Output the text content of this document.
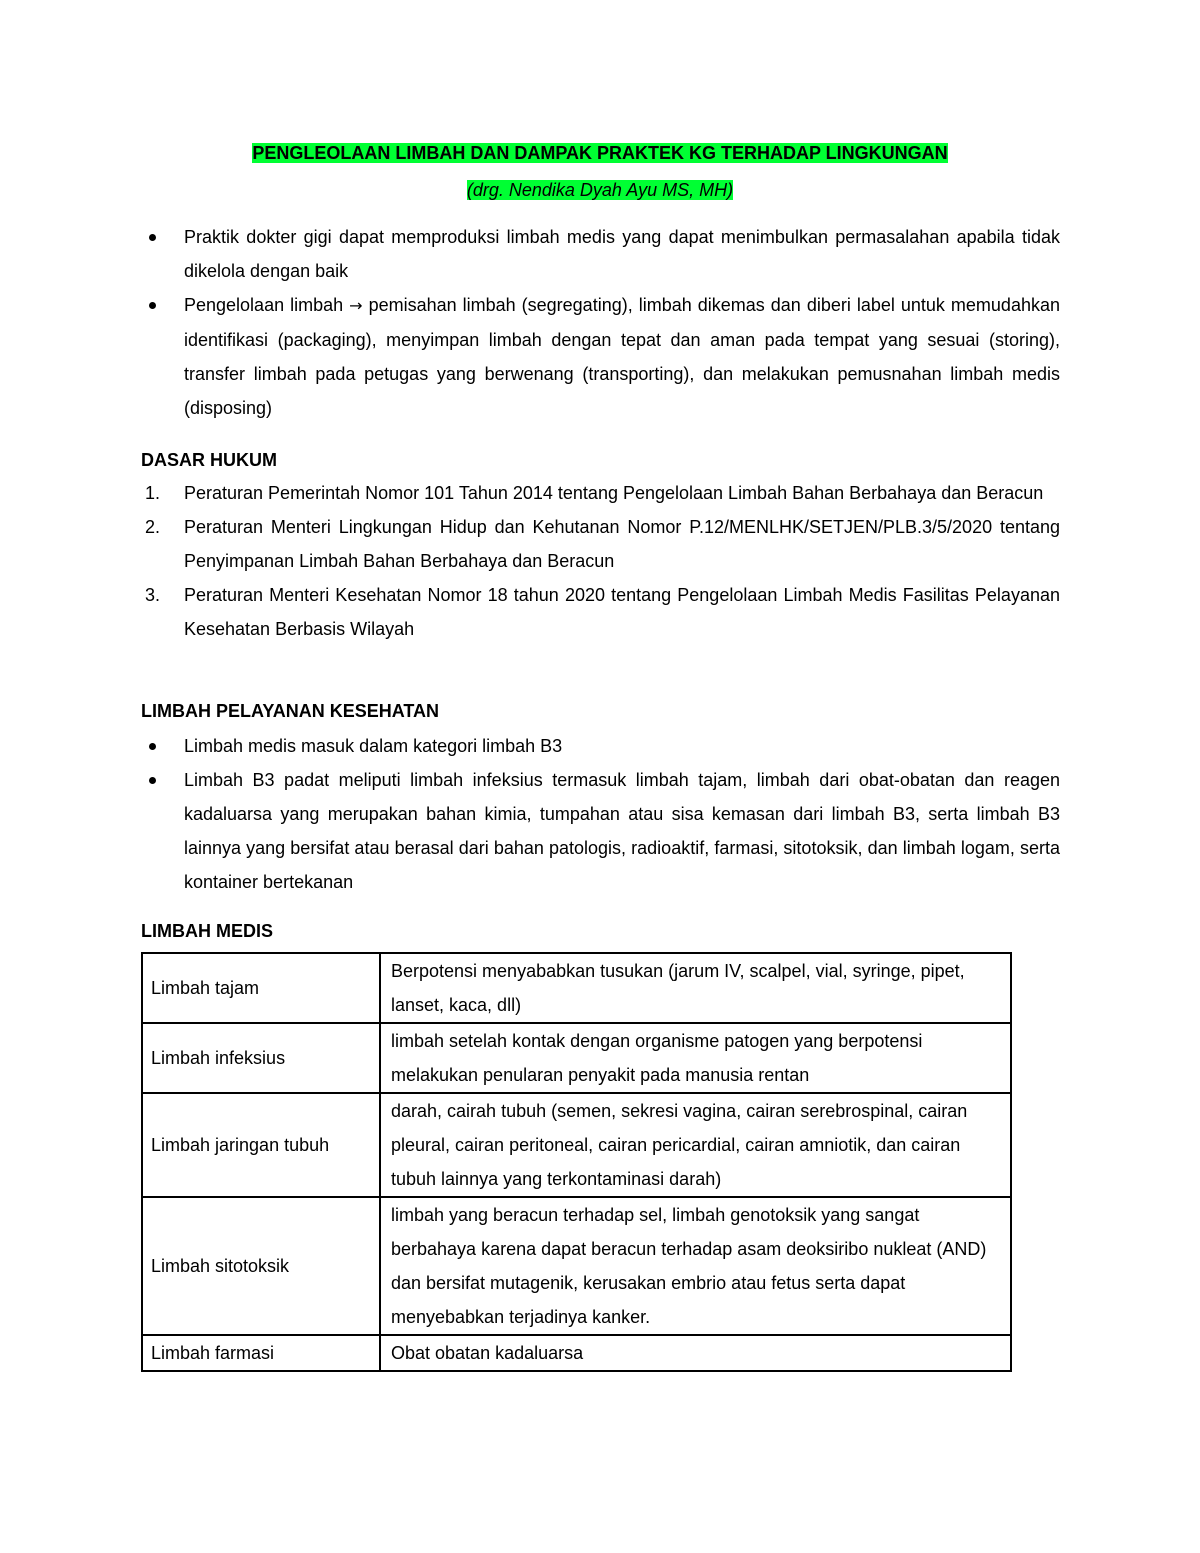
PENGLEOLAAN LIMBAH DAN DAMPAK PRAKTEK KG TERHADAP LINGKUNGAN
(drg. Nendika Dyah Ayu MS, MH)
Praktik dokter gigi dapat memproduksi limbah medis yang dapat menimbulkan permasalahan apabila tidak dikelola dengan baik
Pengelolaan limbah → pemisahan limbah (segregating), limbah dikemas dan diberi label untuk memudahkan identifikasi (packaging), menyimpan limbah dengan tepat dan aman pada tempat yang sesuai (storing), transfer limbah pada petugas yang berwenang (transporting), dan melakukan pemusnahan limbah medis (disposing)
DASAR HUKUM
1.	Peraturan Pemerintah Nomor 101 Tahun 2014 tentang Pengelolaan Limbah Bahan Berbahaya dan Beracun
2.	Peraturan Menteri Lingkungan Hidup dan Kehutanan Nomor P.12/MENLHK/SETJEN/PLB.3/5/2020 tentang Penyimpanan Limbah Bahan Berbahaya dan Beracun
3.	Peraturan Menteri Kesehatan Nomor 18 tahun 2020 tentang Pengelolaan Limbah Medis Fasilitas Pelayanan Kesehatan Berbasis Wilayah
LIMBAH PELAYANAN KESEHATAN
Limbah medis masuk dalam kategori limbah B3
Limbah B3 padat meliputi limbah infeksius termasuk limbah tajam, limbah dari obat-obatan dan reagen kadaluarsa yang merupakan bahan kimia, tumpahan atau sisa kemasan dari limbah B3, serta limbah B3 lainnya yang bersifat atau berasal dari bahan patologis, radioaktif, farmasi, sitotoksik, dan limbah logam, serta kontainer bertekanan
LIMBAH MEDIS
Limbah tajam	Berpotensi menyababkan tusukan (jarum IV, scalpel, vial, syringe, pipet, lanset, kaca, dll)
Limbah infeksius	limbah setelah kontak dengan organisme patogen yang berpotensi melakukan penularan penyakit pada manusia rentan
Limbah jaringan tubuh	darah, cairah tubuh (semen, sekresi vagina, cairan serebrospinal, cairan pleural, cairan peritoneal, cairan pericardial, cairan amniotik, dan cairan tubuh lainnya yang terkontaminasi darah)
Limbah sitotoksik	limbah yang beracun terhadap sel, limbah genotoksik yang sangat berbahaya karena dapat beracun terhadap asam deoksiribo nukleat (AND) dan bersifat mutagenik, kerusakan embrio atau fetus serta dapat menyebabkan terjadinya kanker.
Limbah farmasi	Obat obatan kadaluarsa
